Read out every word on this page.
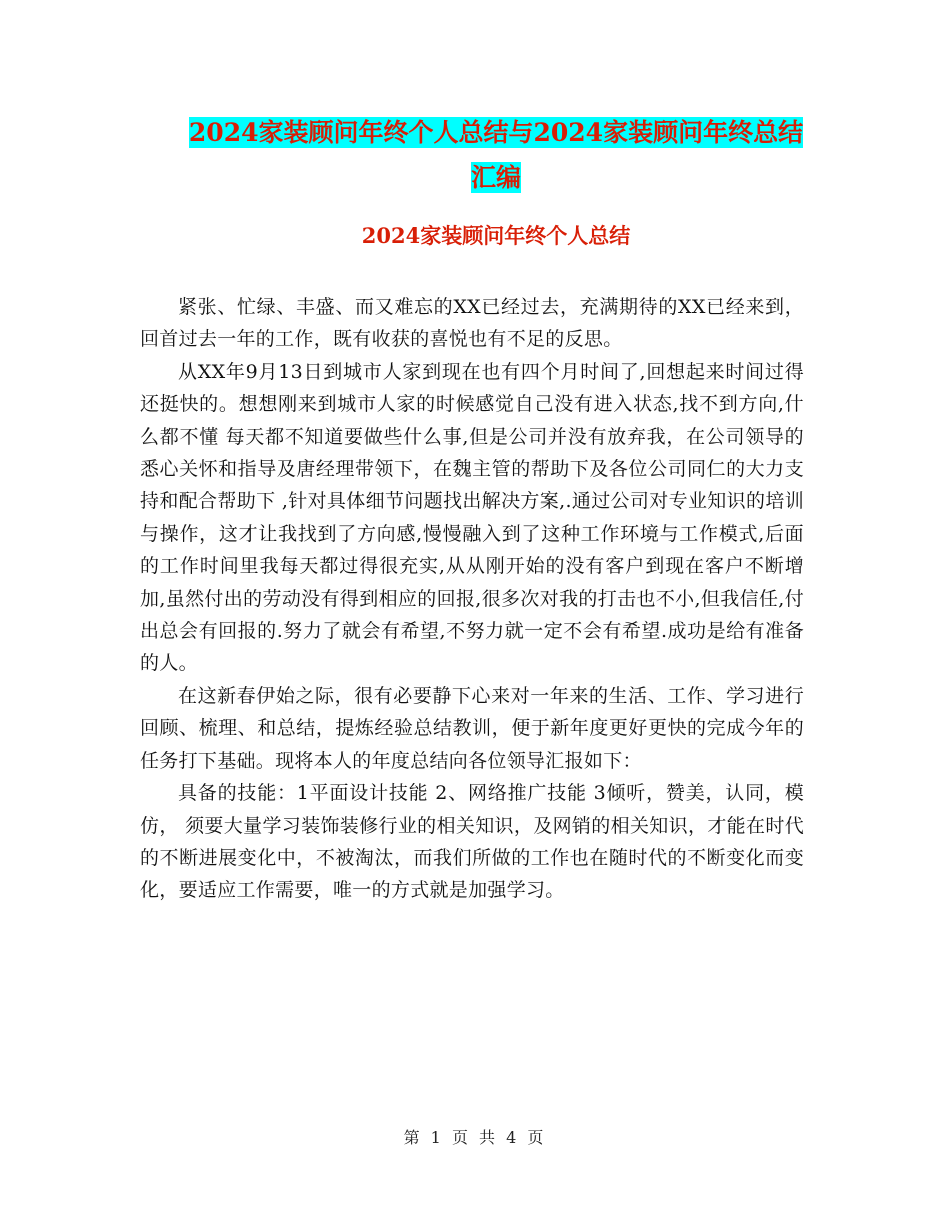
2024家装顾问年终个人总结与2024家装顾问年终总结
汇编
2024家装顾问年终个人总结

紧张、忙绿、丰盛、而又难忘的XX已经过去，充满期待的XX已经来到，回首过去一年的工作，既有收获的喜悦也有不足的反思。

从XX年9月13日到城市人家到现在也有四个月时间了,回想起来时间过得还挺快的。想想刚来到城市人家的时候感觉自己没有进入状态,找不到方向,什么都不懂 每天都不知道要做些什么事,但是公司并没有放弃我，在公司领导的悉心关怀和指导及唐经理带领下，在魏主管的帮助下及各位公司同仁的大力支持和配合帮助下 ,针对具体细节问题找出解决方案,.通过公司对专业知识的培训与操作，这才让我找到了方向感,慢慢融入到了这种工作环境与工作模式,后面的工作时间里我每天都过得很充实,从从刚开始的没有客户到现在客户不断增加,虽然付出的劳动没有得到相应的回报,很多次对我的打击也不小,但我信任,付出总会有回报的.努力了就会有希望,不努力就一定不会有希望.成功是给有准备的人。

在这新春伊始之际，很有必要静下心来对一年来的生活、工作、学习进行回顾、梳理、和总结，提炼经验总结教训，便于新年度更好更快的完成今年的任务打下基础。现将本人的年度总结向各位领导汇报如下：

具备的技能：1平面设计技能 2、网络推广技能 3倾听，赞美，认同，模仿， 须要大量学习装饰装修行业的相关知识，及网销的相关知识，才能在时代的不断进展变化中，不被淘汰，而我们所做的工作也在随时代的不断变化而变化，要适应工作需要，唯一的方式就是加强学习。

第 1 页 共 4 页
